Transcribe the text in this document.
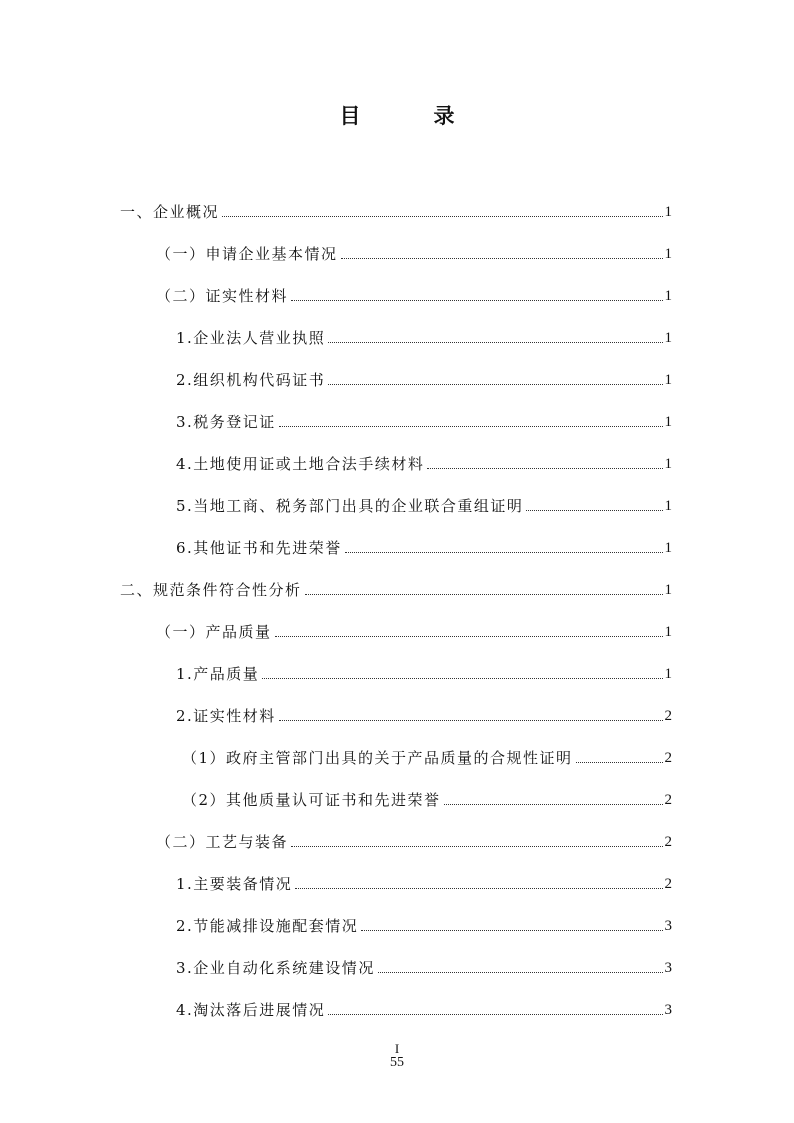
目　录
一、企业概况	1
（一）申请企业基本情况	1
（二）证实性材料	1
1.企业法人营业执照	1
2.组织机构代码证书	1
3.税务登记证	1
4.土地使用证或土地合法手续材料	1
5.当地工商、税务部门出具的企业联合重组证明	1
6.其他证书和先进荣誉	1
二、规范条件符合性分析	1
（一）产品质量	1
1.产品质量	1
2.证实性材料	2
（1）政府主管部门出具的关于产品质量的合规性证明	2
（2）其他质量认可证书和先进荣誉	2
（二）工艺与装备	2
1.主要装备情况	2
2.节能减排设施配套情况	3
3.企业自动化系统建设情况	3
4.淘汰落后进展情况	3
I
55
